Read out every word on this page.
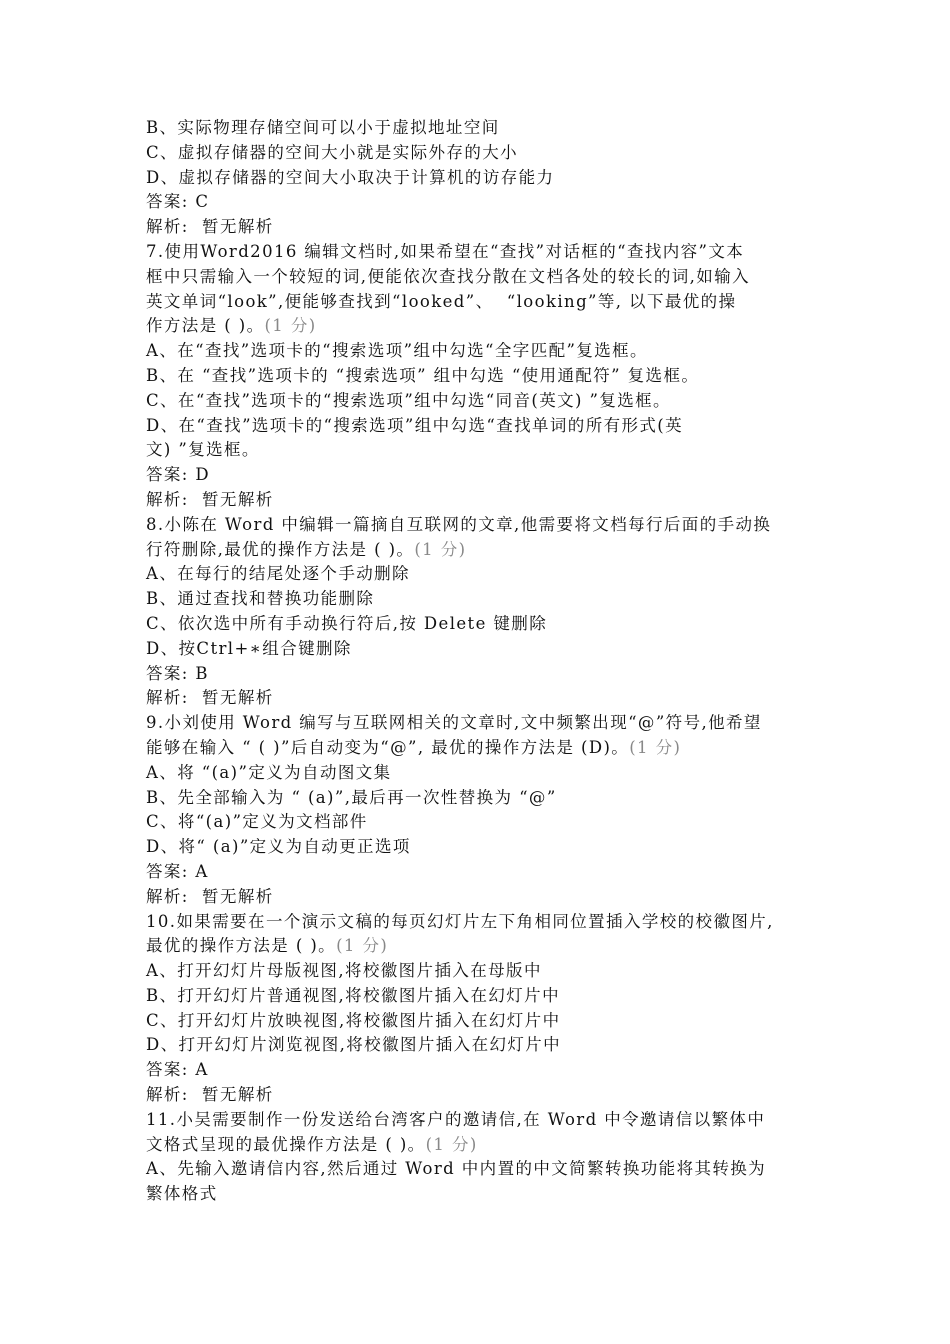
B、实际物理存储空间可以小于虚拟地址空间
C、虚拟存储器的空间大小就是实际外存的大小
D、虚拟存储器的空间大小取决于计算机的访存能力
答案: C
解析:  暂无解析
7.使用Word2016 编辑文档时,如果希望在“查找”对话框的“查找内容”文本
框中只需输入一个较短的词,便能依次查找分散在文档各处的较长的词,如输入
英文单词“look”,便能够查找到“looked”、  “looking”等, 以下最优的操
作方法是 ( )。(1 分)
A、在“查找”选项卡的“搜索选项”组中勾选“全字匹配”复选框。
B、在 “查找”选项卡的 “搜索选项” 组中勾选 “使用通配符” 复选框。
C、在“查找”选项卡的“搜索选项”组中勾选“同音(英文) ”复选框。
D、在“查找”选项卡的“搜索选项”组中勾选“查找单词的所有形式(英
文) ”复选框。
答案: D
解析:  暂无解析
8.小陈在 Word 中编辑一篇摘自互联网的文章,他需要将文档每行后面的手动换
行符删除,最优的操作方法是 ( )。(1 分)
A、在每行的结尾处逐个手动删除
B、通过查找和替换功能删除
C、依次选中所有手动换行符后,按 Delete 键删除
D、按Ctrl+∗组合键删除
答案: B
解析:  暂无解析
9.小刘使用 Word 编写与互联网相关的文章时,文中频繁出现“@”符号,他希望
能够在输入 “ ( )”后自动变为“@”, 最优的操作方法是 (D)。(1 分)
A、将 “(a)”定义为自动图文集
B、先全部输入为 “ (a)”,最后再一次性替换为 “@”
C、将“(a)”定义为文档部件
D、将“ (a)”定义为自动更正选项
答案: A
解析:  暂无解析
10.如果需要在一个演示文稿的每页幻灯片左下角相同位置插入学校的校徽图片,
最优的操作方法是 ( )。(1 分)
A、打开幻灯片母版视图,将校徽图片插入在母版中
B、打开幻灯片普通视图,将校徽图片插入在幻灯片中
C、打开幻灯片放映视图,将校徽图片插入在幻灯片中
D、打开幻灯片浏览视图,将校徽图片插入在幻灯片中
答案: A
解析:  暂无解析
11.小吴需要制作一份发送给台湾客户的邀请信,在 Word 中令邀请信以繁体中
文格式呈现的最优操作方法是 ( )。(1 分)
A、先输入邀请信内容,然后通过 Word 中内置的中文简繁转换功能将其转换为
繁体格式
